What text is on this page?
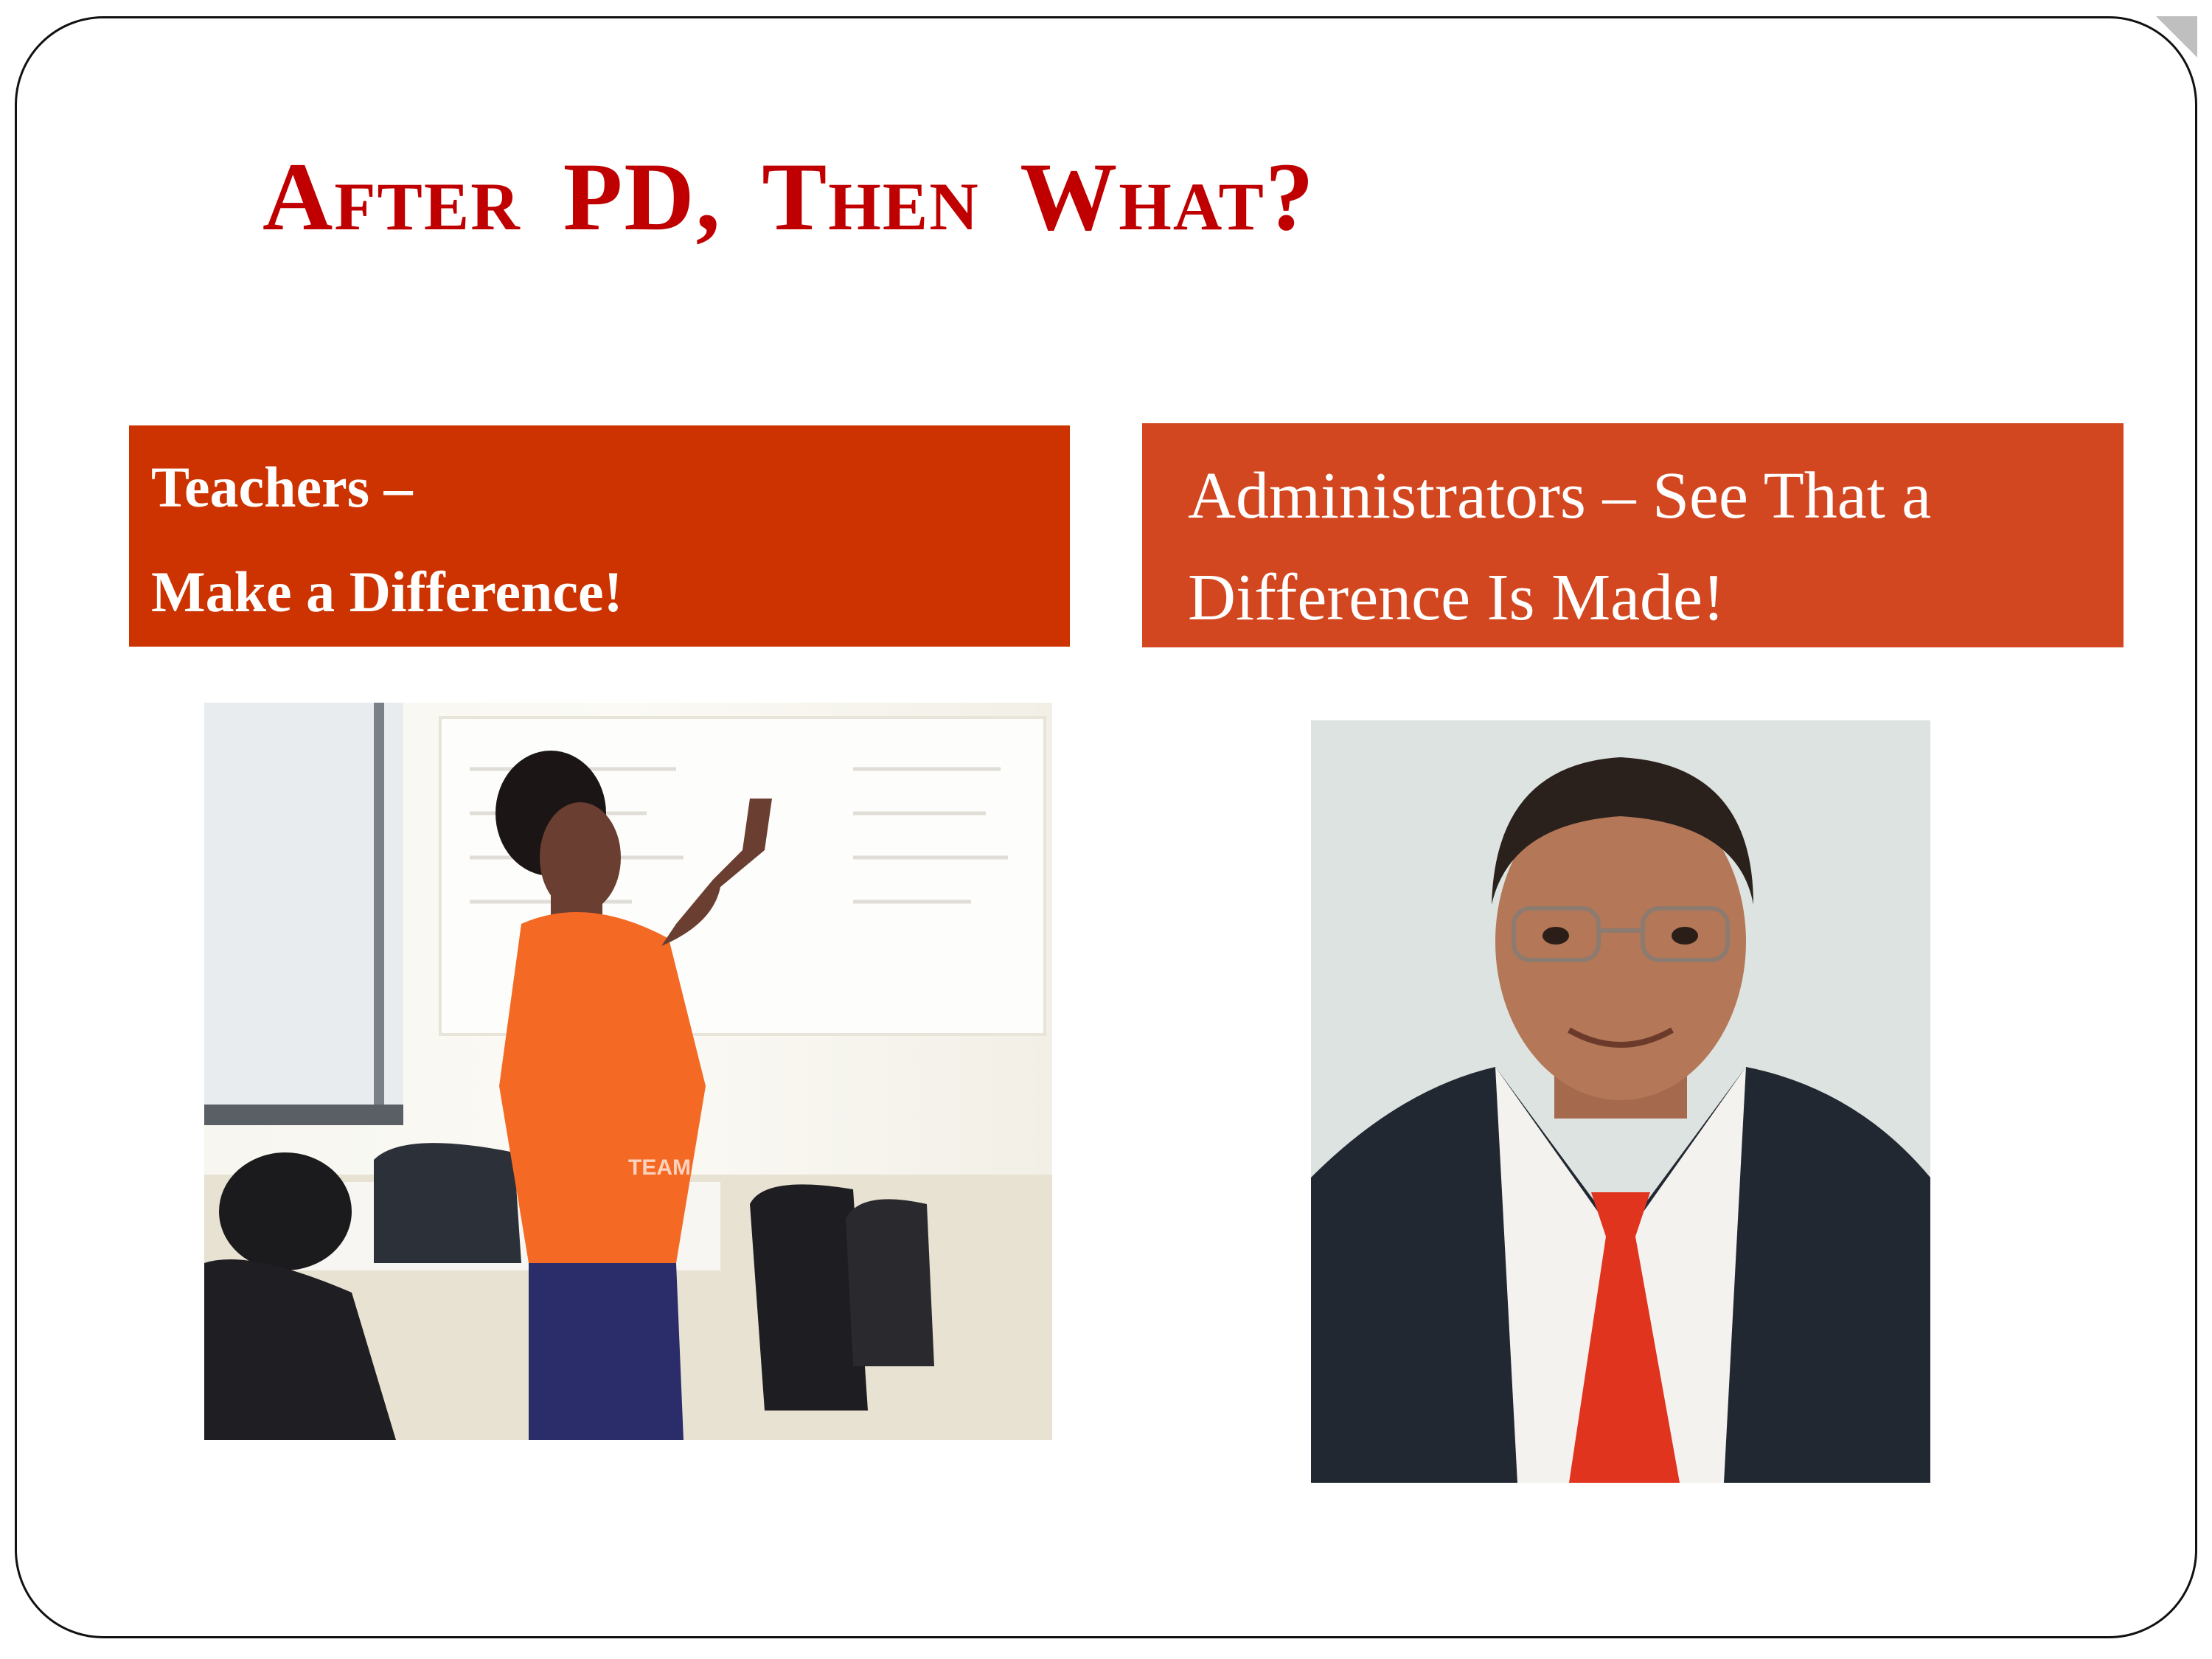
After PD, Then What?
Teachers –
Make a Difference!
Administrators – See That a Difference Is Made!
TEAM
